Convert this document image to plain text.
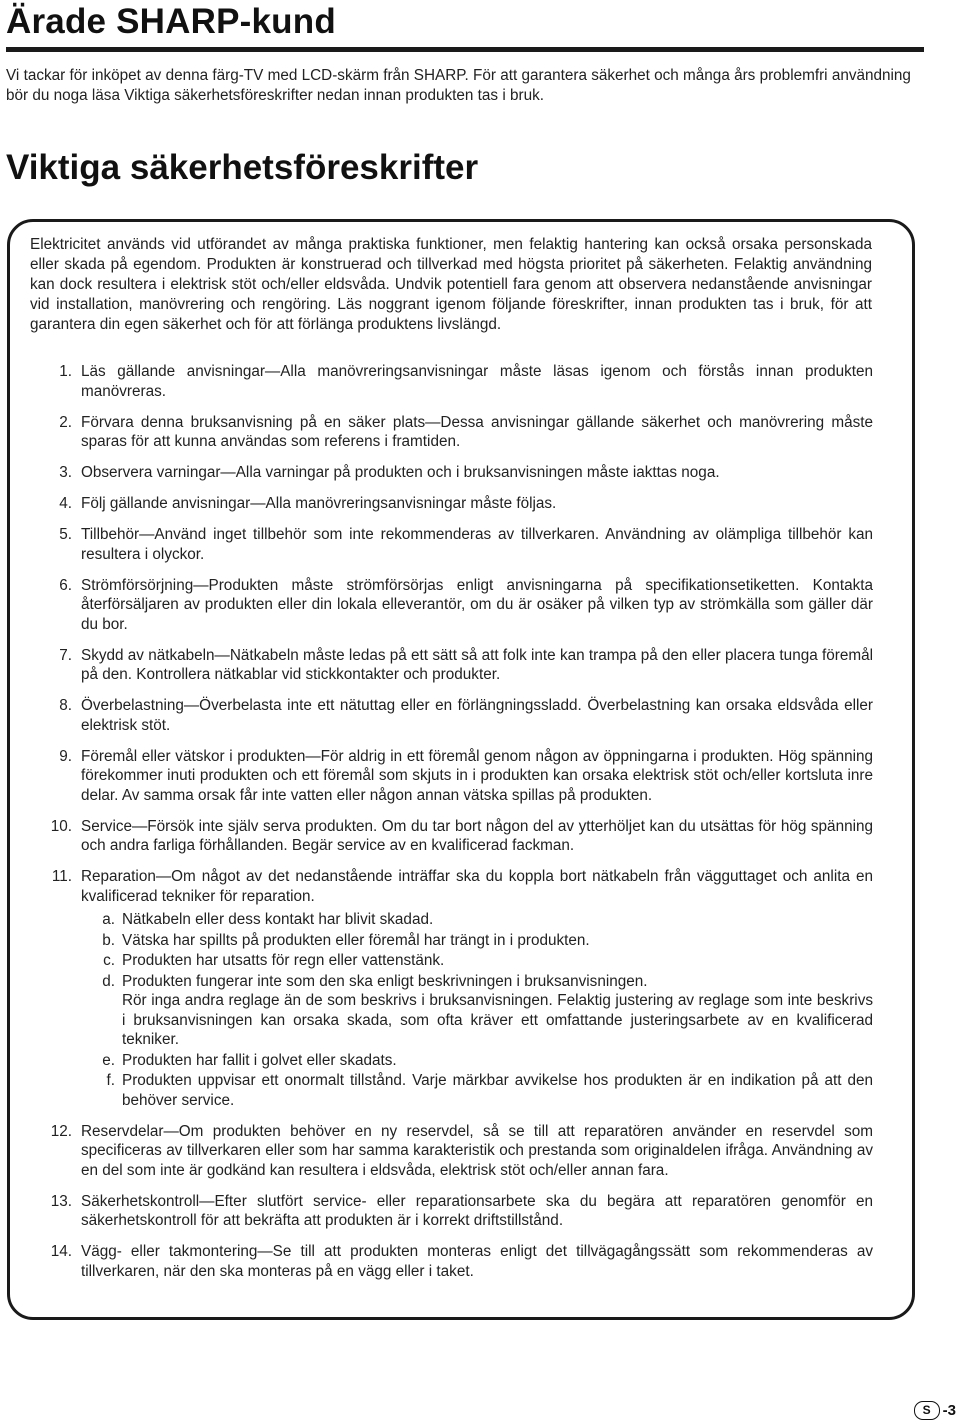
Ärade SHARP-kund

Vi tackar för inköpet av denna färg-TV med LCD-skärm från SHARP. För att garantera säkerhet och många års problemfri användning bör du noga läsa Viktiga säkerhetsföreskrifter nedan innan produkten tas i bruk.

Viktiga säkerhetsföreskrifter

Elektricitet används vid utförandet av många praktiska funktioner, men felaktig hantering kan också orsaka personskada eller skada på egendom. Produkten är konstruerad och tillverkad med högsta prioritet på säkerheten. Felaktig användning kan dock resultera i elektrisk stöt och/eller eldsvåda. Undvik potentiell fara genom att observera nedanstående anvisningar vid installation, manövrering och rengöring. Läs noggrant igenom följande föreskrifter, innan produkten tas i bruk, för att garantera din egen säkerhet och för att förlänga produktens livslängd.

1. Läs gällande anvisningar—Alla manövreringsanvisningar måste läsas igenom och förstås innan produkten manövreras.
2. Förvara denna bruksanvisning på en säker plats—Dessa anvisningar gällande säkerhet och manövrering måste sparas för att kunna användas som referens i framtiden.
3. Observera varningar—Alla varningar på produkten och i bruksanvisningen måste iakttas noga.
4. Följ gällande anvisningar—Alla manövreringsanvisningar måste följas.
5. Tillbehör—Använd inget tillbehör som inte rekommenderas av tillverkaren. Användning av olämpliga tillbehör kan resultera i olyckor.
6. Strömförsörjning—Produkten måste strömförsörjas enligt anvisningarna på specifikationsetiketten. Kontakta återförsäljaren av produkten eller din lokala elleverantör, om du är osäker på vilken typ av strömkälla som gäller där du bor.
7. Skydd av nätkabeln—Nätkabeln måste ledas på ett sätt så att folk inte kan trampa på den eller placera tunga föremål på den. Kontrollera nätkablar vid stickkontakter och produkter.
8. Överbelastning—Överbelasta inte ett nätuttag eller en förlängningssladd. Överbelastning kan orsaka eldsvåda eller elektrisk stöt.
9. Föremål eller vätskor i produkten—För aldrig in ett föremål genom någon av öppningarna i produkten. Hög spänning förekommer inuti produkten och ett föremål som skjuts in i produkten kan orsaka elektrisk stöt och/eller kortsluta inre delar. Av samma orsak får inte vatten eller någon annan vätska spillas på produkten.
10. Service—Försök inte själv serva produkten. Om du tar bort någon del av ytterhöljet kan du utsättas för hög spänning och andra farliga förhållanden. Begär service av en kvalificerad fackman.
11. Reparation—Om något av det nedanstående inträffar ska du koppla bort nätkabeln från vägguttaget och anlita en kvalificerad tekniker för reparation.
a. Nätkabeln eller dess kontakt har blivit skadad.
b. Vätska har spillts på produkten eller föremål har trängt in i produkten.
c. Produkten har utsatts för regn eller vattenstänk.
d. Produkten fungerar inte som den ska enligt beskrivningen i bruksanvisningen.
Rör inga andra reglage än de som beskrivs i bruksanvisningen. Felaktig justering av reglage som inte beskrivs i bruksanvisningen kan orsaka skada, som ofta kräver ett omfattande justeringsarbete av en kvalificerad tekniker.
e. Produkten har fallit i golvet eller skadats.
f. Produkten uppvisar ett onormalt tillstånd. Varje märkbar avvikelse hos produkten är en indikation på att den behöver service.
12. Reservdelar—Om produkten behöver en ny reservdel, så se till att reparatören använder en reservdel som specificeras av tillverkaren eller som har samma karakteristik och prestanda som originaldelen ifråga. Användning av en del som inte är godkänd kan resultera i eldsvåda, elektrisk stöt och/eller annan fara.
13. Säkerhetskontroll—Efter slutfört service- eller reparationsarbete ska du begära att reparatören genomför en säkerhetskontroll för att bekräfta att produkten är i korrekt driftstillstånd.
14. Vägg- eller takmontering—Se till att produkten monteras enligt det tillvägagångssätt som rekommenderas av tillverkaren, när den ska monteras på en vägg eller i taket.
S -3
